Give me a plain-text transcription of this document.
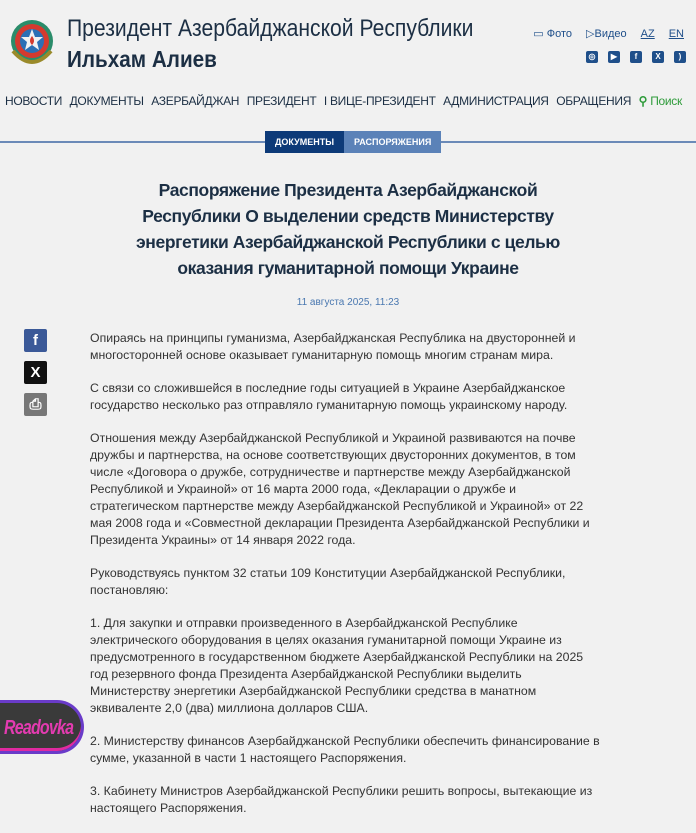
Президент Азербайджанской Республики
Ильхам Алиев
▭ Фото ▷Видео AZ EN
◎	▶	f	X	)
НОВОСТИ ДОКУМЕНТЫ АЗЕРБАЙДЖАН ПРЕЗИДЕНТ I ВИЦЕ-ПРЕЗИДЕНТ АДМИНИСТРАЦИЯ ОБРАЩЕНИЯ ⚲ Поиск
ДОКУМЕНТЫ	РАСПОРЯЖЕНИЯ
Распоряжение Президента Азербайджанской Республики О выделении средств Министерству энергетики Азербайджанской Республики с целью оказания гуманитарной помощи Украине
11 августа 2025, 11:23
f
X
⎙

Опираясь на принципы гуманизма, Азербайджанская Республика на двусторонней и многосторонней основе оказывает гуманитарную помощь многим странам мира.

С связи со сложившейся в последние годы ситуацией в Украине Азербайджанское государство несколько раз отправляло гуманитарную помощь украинскому народу.

Отношения между Азербайджанской Республикой и Украиной развиваются на почве дружбы и партнерства, на основе соответствующих двусторонних документов, в том числе «Договора о дружбе, сотрудничестве и партнерстве между Азербайджанской Республикой и Украиной» от 16 марта 2000 года, «Декларации о дружбе и стратегическом партнерстве между Азербайджанской Республикой и Украиной» от 22 мая 2008 года и «Совместной декларации Президента Азербайджанской Республики и Президента Украины» от 14 января 2022 года.

Руководствуясь пунктом 32 статьи 109 Конституции Азербайджанской Республики, постановляю:

1. Для закупки и отправки произведенного в Азербайджанской Республике электрического оборудования в целях оказания гуманитарной помощи Украине из предусмотренного в государственном бюджете Азербайджанской Республики на 2025 год резервного фонда Президента Азербайджанской Республики выделить Министерству энергетики Азербайджанской Республики средства в манатном эквиваленте 2,0 (два) миллиона долларов США.

2. Министерству финансов Азербайджанской Республики обеспечить финансирование в сумме, указанной в части 1 настоящего Распоряжения.

3. Кабинету Министров Азербайджанской Республики решить вопросы, вытекающие из настоящего Распоряжения.

Readovka
